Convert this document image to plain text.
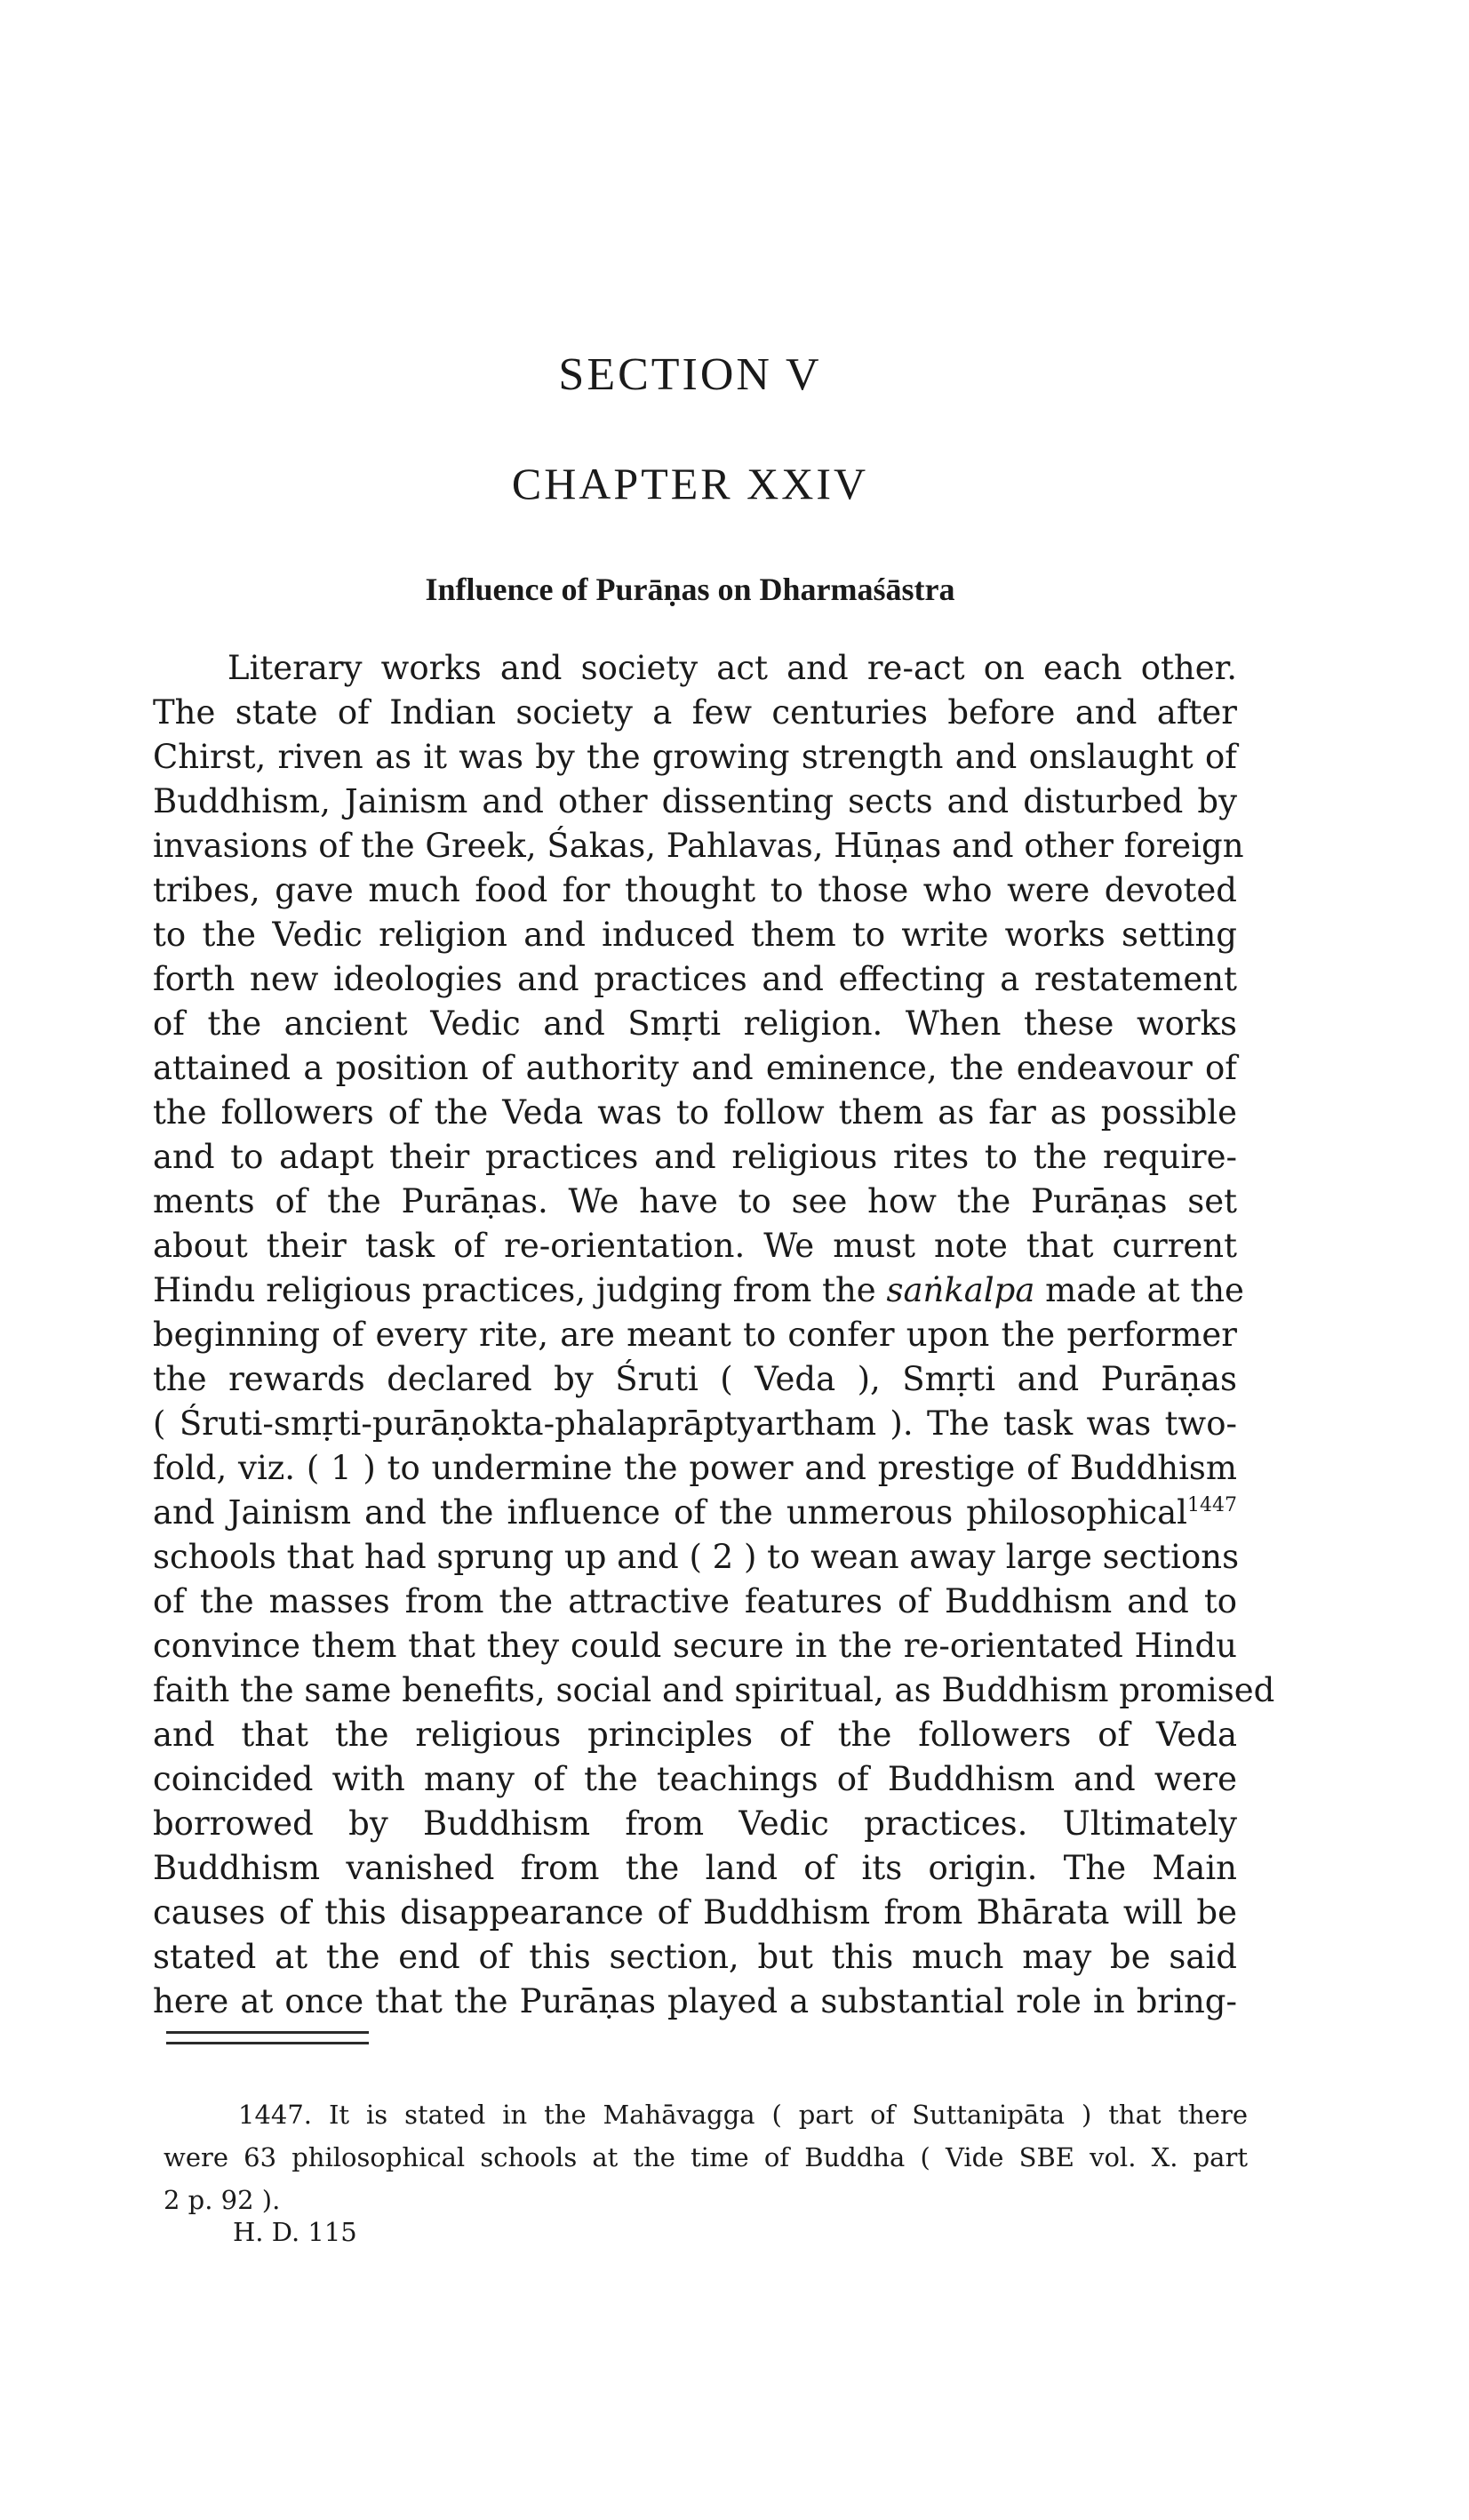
SECTION V
CHAPTER XXIV
Influence of Purāṇas on Dharmaśāstra
Literary works and society act and re-act on each other.
The state of Indian society a few centuries before and after
Chirst, riven as it was by the growing strength and onslaught of
Buddhism, Jainism and other dissenting sects and disturbed by
invasions of the Greek, Śakas, Pahlavas, Hūṇas and other foreign
tribes, gave much food for thought to those who were devoted
to the Vedic religion and induced them to write works setting
forth new ideologies and practices and effecting a restatement
of the ancient Vedic and Smṛti religion. When these works
attained a position of authority and eminence, the endeavour of
the followers of the Veda was to follow them as far as possible
and to adapt their practices and religious rites to the require-
ments of the Purāṇas. We have to see how the Purāṇas set
about their task of re-orientation. We must note that current
Hindu religious practices, judging from the saṅkalpa made at the
beginning of every rite, are meant to confer upon the performer
the rewards declared by Śruti ( Veda ), Smṛti and Purāṇas
( Śruti-smṛti-purāṇokta-phalaprāptyartham ). The task was two-
fold, viz. ( 1 ) to undermine the power and prestige of Buddhism
and Jainism and the influence of the unmerous philosophical$^{1447}$
schools that had sprung up and ( 2 ) to wean away large sections
of the masses from the attractive features of Buddhism and to
convince them that they could secure in the re-orientated Hindu
faith the same benefits, social and spiritual, as Buddhism promised
and that the religious principles of the followers of Veda
coincided with many of the teachings of Buddhism and were
borrowed by Buddhism from Vedic practices. Ultimately
Buddhism vanished from the land of its origin. The Main
causes of this disappearance of Buddhism from Bhārata will be
stated at the end of this section, but this much may be said
here at once that the Purāṇas played a substantial role in bring-
1447. It is stated in the Mahāvagga ( part of Suttanipāta ) that there
were 63 philosophical schools at the time of Buddha ( Vide SBE vol. X. part
2 p. 92 ).

H. D. 115
